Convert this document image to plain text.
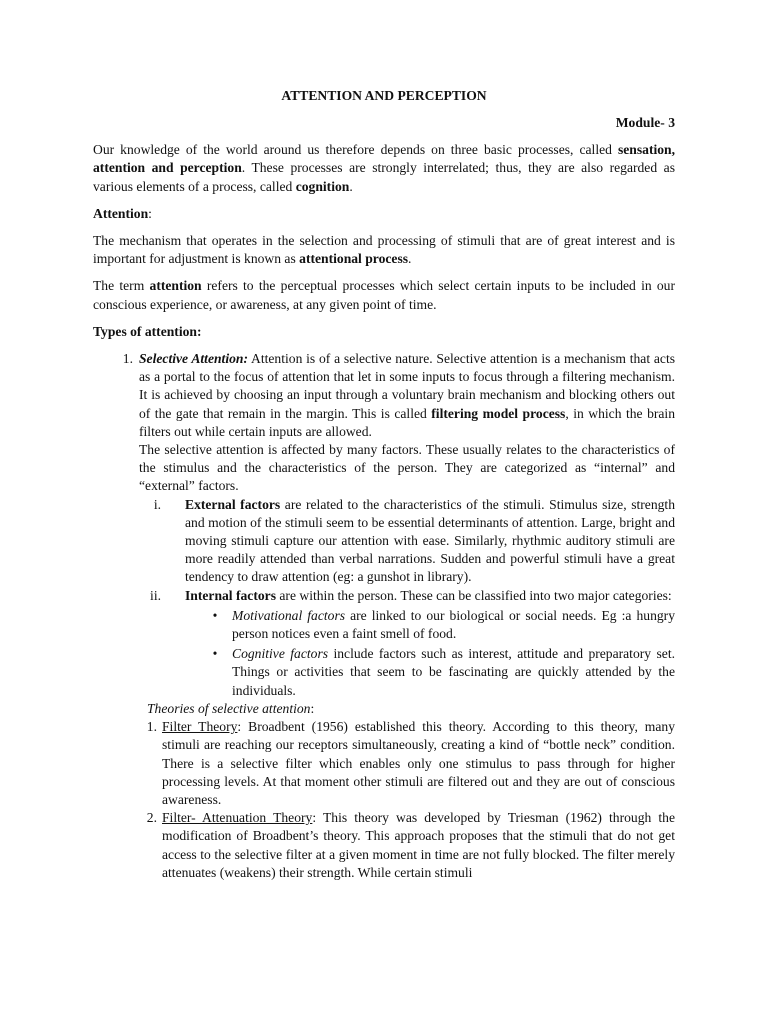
ATTENTION AND PERCEPTION
Module- 3

Our knowledge of the world around us therefore depends on three basic processes, called sensation, attention and perception. These processes are strongly interrelated; thus, they are also regarded as various elements of a process, called cognition.

Attention:

The mechanism that operates in the selection and processing of stimuli that are of great interest and is important for adjustment is known as attentional process.

The term attention refers to the perceptual processes which select certain inputs to be included in our conscious experience, or awareness, at any given point of time.

Types of attention:

1. Selective Attention: Attention is of a selective nature. Selective attention is a mechanism that acts as a portal to the focus of attention that let in some inputs to focus through a filtering mechanism. It is achieved by choosing an input through a voluntary brain mechanism and blocking others out of the gate that remain in the margin. This is called filtering model process, in which the brain filters out while certain inputs are allowed.
The selective attention is affected by many factors. These usually relates to the characteristics of the stimulus and the characteristics of the person. They are categorized as “internal” and “external” factors.
i. External factors are related to the characteristics of the stimuli. Stimulus size, strength and motion of the stimuli seem to be essential determinants of attention. Large, bright and moving stimuli capture our attention with ease. Similarly, rhythmic auditory stimuli are more readily attended than verbal narrations. Sudden and powerful stimuli have a great tendency to draw attention (eg: a gunshot in library).
ii. Internal factors are within the person. These can be classified into two major categories:
• Motivational factors are linked to our biological or social needs. Eg :a hungry person notices even a faint smell of food.
• Cognitive factors include factors such as interest, attitude and preparatory set. Things or activities that seem to be fascinating are quickly attended by the individuals.
Theories of selective attention:
1. Filter Theory: Broadbent (1956) established this theory. According to this theory, many stimuli are reaching our receptors simultaneously, creating a kind of “bottle neck” condition. There is a selective filter which enables only one stimulus to pass through for higher processing levels. At that moment other stimuli are filtered out and they are out of conscious awareness.
2. Filter- Attenuation Theory: This theory was developed by Triesman (1962) through the modification of Broadbent’s theory. This approach proposes that the stimuli that do not get access to the selective filter at a given moment in time are not fully blocked. The filter merely attenuates (weakens) their strength. While certain stimuli
